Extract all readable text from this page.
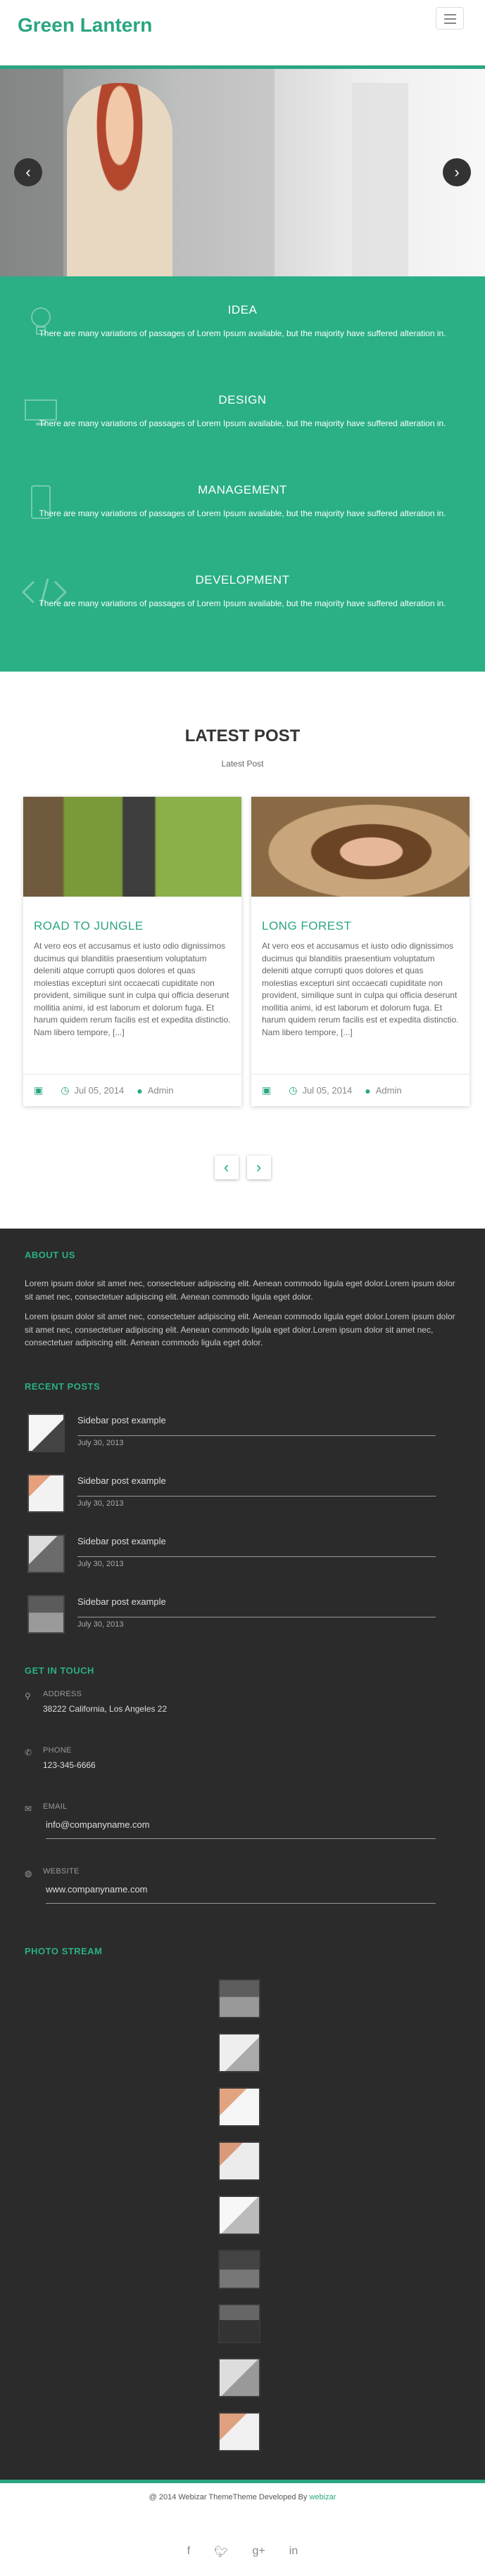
Green Lantern
‹	›
IDEA

There are many variations of passages of Lorem Ipsum available, but the majority have suffered alteration in.

DESIGN

There are many variations of passages of Lorem Ipsum available, but the majority have suffered alteration in.

MANAGEMENT

There are many variations of passages of Lorem Ipsum available, but the majority have suffered alteration in.

DEVELOPMENT

There are many variations of passages of Lorem Ipsum available, but the majority have suffered alteration in.

LATEST POST
Latest Post
ROAD TO JUNGLE

At vero eos et accusamus et iusto odio dignissimos ducimus qui blanditiis praesentium voluptatum deleniti atque corrupti quos dolores et quas molestias excepturi sint occaecati cupiditate non provident, similique sunt in culpa qui officia deserunt mollitia animi, id est laborum et dolorum fuga. Et harum quidem rerum facilis est et expedita distinctio. Nam libero tempore, [...]

▣ ◷ Jul 05, 2014 ● Admin
LONG FOREST

At vero eos et accusamus et iusto odio dignissimos ducimus qui blanditiis praesentium voluptatum deleniti atque corrupti quos dolores et quas molestias excepturi sint occaecati cupiditate non provident, similique sunt in culpa qui officia deserunt mollitia animi, id est laborum et dolorum fuga. Et harum quidem rerum facilis est et expedita distinctio. Nam libero tempore, [...]

▣ ◷ Jul 05, 2014 ● Admin
‹	›
ABOUT US

Lorem ipsum dolor sit amet nec, consectetuer adipiscing elit. Aenean commodo ligula eget dolor.Lorem ipsum dolor sit amet nec, consectetuer adipiscing elit. Aenean commodo ligula eget dolor.

Lorem ipsum dolor sit amet nec, consectetuer adipiscing elit. Aenean commodo ligula eget dolor.Lorem ipsum dolor sit amet nec, consectetuer adipiscing elit. Aenean commodo ligula eget dolor.Lorem ipsum dolor sit amet nec, consectetuer adipiscing elit. Aenean commodo ligula eget dolor.

RECENT POSTS
Sidebar post example
July 30, 2013
Sidebar post example
July 30, 2013
Sidebar post example
July 30, 2013
Sidebar post example
July 30, 2013
GET IN TOUCH
⚲ ADDRESS
38222 California, Los Angeles 22
✆ PHONE
123-345-6666
✉ EMAIL
info@companyname.com
◍ WEBSITE
www.companyname.com
PHOTO STREAM
@ 2014 Webizar ThemeTheme Developed By webizar
f 🐦︎ g+ in
